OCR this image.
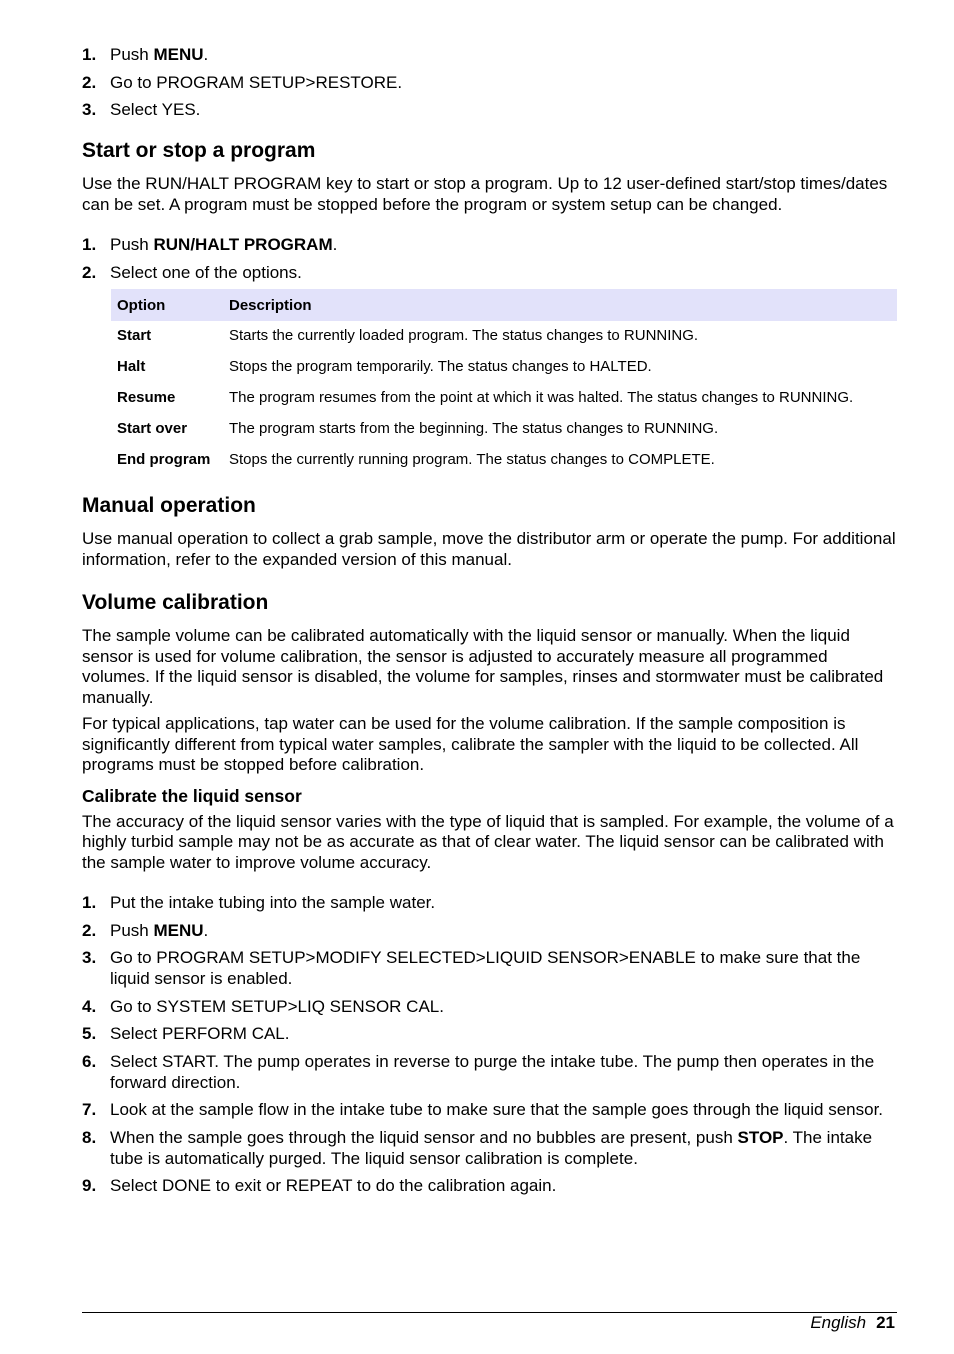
1. Push MENU.
2. Go to PROGRAM SETUP>RESTORE.
3. Select YES.
Start or stop a program

Use the RUN/HALT PROGRAM key to start or stop a program. Up to 12 user-defined start/stop times/dates can be set. A program must be stopped before the program or system setup can be changed.

1. Push RUN/HALT PROGRAM.
2. Select one of the options.
Option	Description
Start	Starts the currently loaded program. The status changes to RUNNING.
Halt	Stops the program temporarily. The status changes to HALTED.
Resume	The program resumes from the point at which it was halted. The status changes to RUNNING.
Start over	The program starts from the beginning. The status changes to RUNNING.
End program	Stops the currently running program. The status changes to COMPLETE.
Manual operation

Use manual operation to collect a grab sample, move the distributor arm or operate the pump. For additional information, refer to the expanded version of this manual.

Volume calibration

The sample volume can be calibrated automatically with the liquid sensor or manually. When the liquid sensor is used for volume calibration, the sensor is adjusted to accurately measure all programmed volumes. If the liquid sensor is disabled, the volume for samples, rinses and stormwater must be calibrated manually.

For typical applications, tap water can be used for the volume calibration. If the sample composition is significantly different from typical water samples, calibrate the sampler with the liquid to be collected. All programs must be stopped before calibration.

Calibrate the liquid sensor

The accuracy of the liquid sensor varies with the type of liquid that is sampled. For example, the volume of a highly turbid sample may not be as accurate as that of clear water. The liquid sensor can be calibrated with the sample water to improve volume accuracy.

1. Put the intake tubing into the sample water.
2. Push MENU.
3. Go to PROGRAM SETUP>MODIFY SELECTED>LIQUID SENSOR>ENABLE to make sure that the liquid sensor is enabled.
4. Go to SYSTEM SETUP>LIQ SENSOR CAL.
5. Select PERFORM CAL.
6. Select START. The pump operates in reverse to purge the intake tube. The pump then operates in the forward direction.
7. Look at the sample flow in the intake tube to make sure that the sample goes through the liquid sensor.
8. When the sample goes through the liquid sensor and no bubbles are present, push STOP. The intake tube is automatically purged. The liquid sensor calibration is complete.
9. Select DONE to exit or REPEAT to do the calibration again.
English 21
